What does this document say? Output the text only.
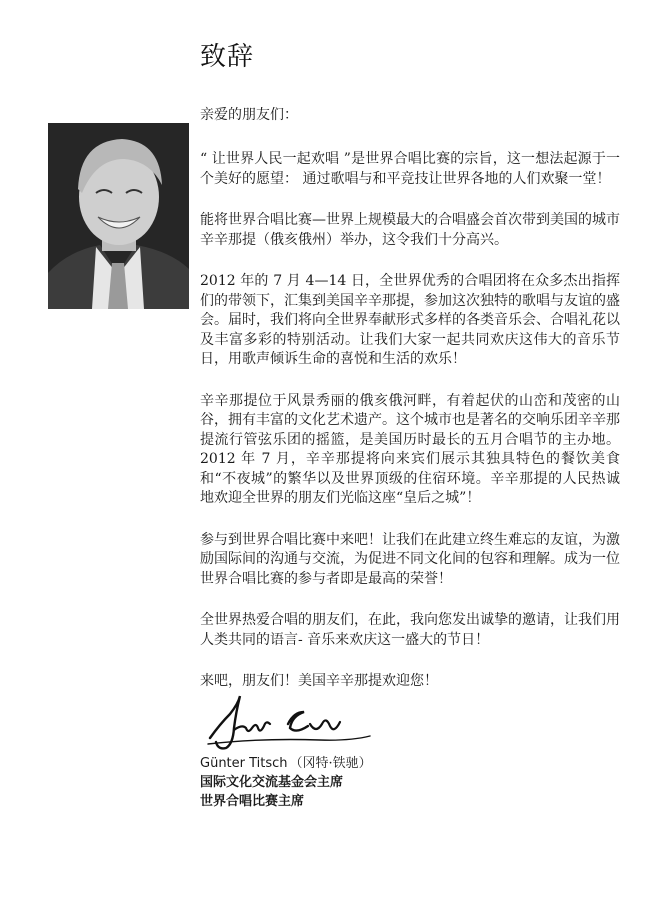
致辞
亲爱的朋友们：

“ 让世界人民一起欢唱 ”是世界合唱比赛的宗旨，这一想法起源于一个美好的愿望： 通过歌唱与和平竞技让世界各地的人们欢聚一堂！

能将世界合唱比赛—世界上规模最大的合唱盛会首次带到美国的城市辛辛那提（俄亥俄州）举办，这令我们十分高兴。

2012 年的 7 月 4—14 日，全世界优秀的合唱团将在众多杰出指挥们的带领下，汇集到美国辛辛那提，参加这次独特的歌唱与友谊的盛会。届时，我们将向全世界奉献形式多样的各类音乐会、合唱礼花以及丰富多彩的特别活动。让我们大家一起共同欢庆这伟大的音乐节日，用歌声倾诉生命的喜悦和生活的欢乐！

辛辛那提位于风景秀丽的俄亥俄河畔，有着起伏的山峦和茂密的山谷，拥有丰富的文化艺术遗产。这个城市也是著名的交响乐团辛辛那提流行管弦乐团的摇篮，是美国历时最长的五月合唱节的主办地。2012 年 7 月，辛辛那提将向来宾们展示其独具特色的餐饮美食和“不夜城”的繁华以及世界顶级的住宿环境。辛辛那提的人民热诚地欢迎全世界的朋友们光临这座“皇后之城”！

参与到世界合唱比赛中来吧！让我们在此建立终生难忘的友谊，为激励国际间的沟通与交流，为促进不同文化间的包容和理解。成为一位世界合唱比赛的参与者即是最高的荣誉！

全世界热爱合唱的朋友们，在此，我向您发出诚挚的邀请，让我们用人类共同的语言- 音乐来欢庆这一盛大的节日！

来吧，朋友们！美国辛辛那提欢迎您！

Günter Titsch （冈特·铁驰）
国际文化交流基金会主席
世界合唱比赛主席
